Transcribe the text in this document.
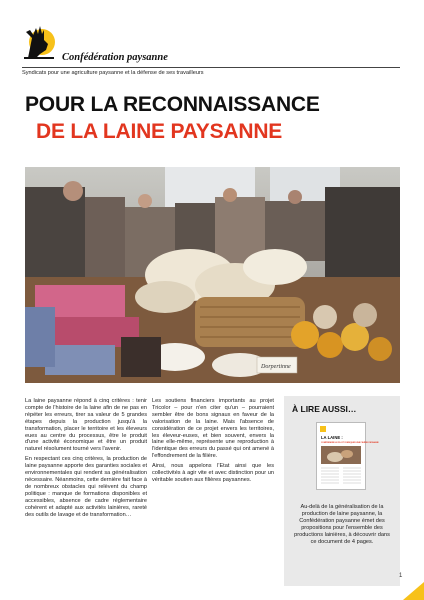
Confédération paysanne
Syndicats pour une agriculture paysanne et la défense de ses travailleurs
POUR LA RECONNAISSANCE
DE LA LAINE PAYSANNE
Dorpertinne

La laine paysanne répond à cinq critères : tenir compte de l'histoire de la laine afin de ne pas en répéter les erreurs, tirer sa valeur de 5 grandes étapes depuis la production jusqu'à la transformation, placer le territoire et les éleveurs eues au centre du processus, être le produit d'une activité économique et être un produit naturel résolument tourné vers l'avenir.

En respectant ces cinq critères, la production de laine paysanne apporte des garanties sociales et environnementales qui rendent sa généralisation nécessaire. Néanmoins, cette dernière fait face à de nombreux obstacles qui relèvent du champ politique : manque de formations disponibles et accessibles, absence de cadre réglementaire cohérent et adapté aux activités lainières, rareté des outils de lavage et de transformation…

Les soutiens financiers importants au projet Tricolor – pour n'en citer qu'un – pourraient sembler être de bons signaux en faveur de la valorisation de la laine. Mais l'absence de considération de ce projet envers les territoires, les éleveur-euses, et bien souvent, envers la laine elle-même, représente une reproduction à l'identique des erreurs du passé qui ont amené à l'effondrement de la filière.

Ainsi, nous appelons l'Etat ainsi que les collectivités à agir vite et avec distinction pour un véritable soutien aux filières paysannes.

À LIRE AUSSI…
LA LAINE :
COMPRENDRE LE FIL ET SYNDIQUER UNE FILIÈRE PAYSANNE
Au-delà de la généralisation de la production de laine paysanne, la Confédération paysanne émet des propositions pour l'ensemble des productions lainières, à découvrir dans ce document de 4 pages.
1
